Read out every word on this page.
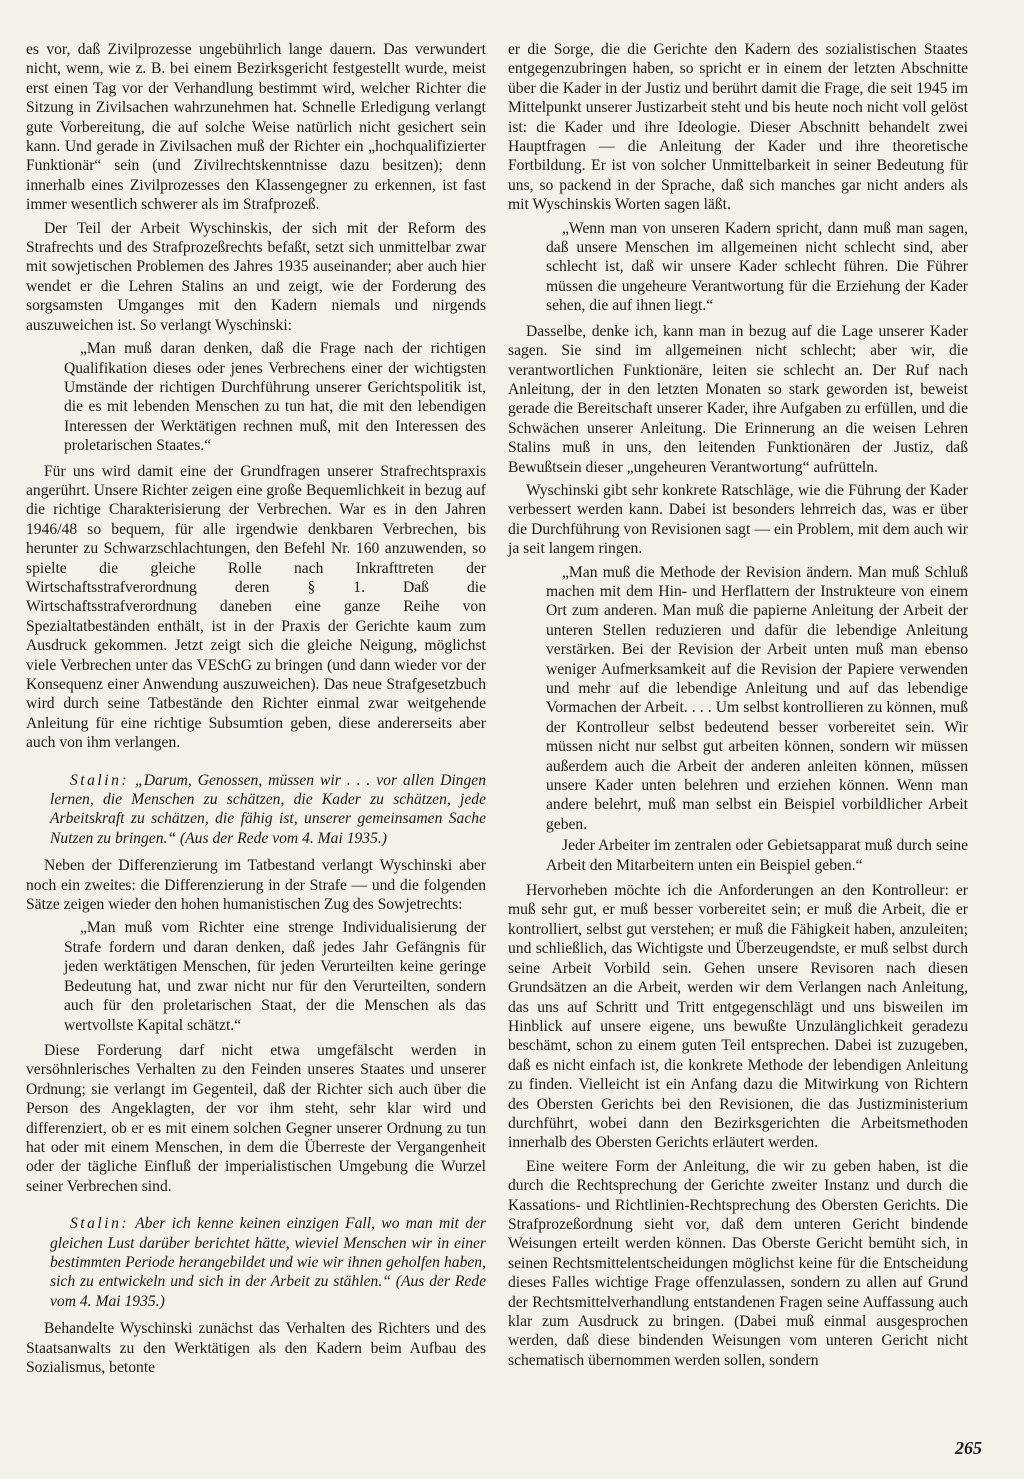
es vor, daß Zivilprozesse ungebührlich lange dauern. Das verwundert nicht, wenn, wie z. B. bei einem Bezirksgericht festgestellt wurde, meist erst einen Tag vor der Verhandlung bestimmt wird, welcher Richter die Sitzung in Zivilsachen wahrzunehmen hat. Schnelle Erledigung verlangt gute Vorbereitung, die auf solche Weise natürlich nicht gesichert sein kann. Und gerade in Zivilsachen muß der Richter ein „hochqualifizierter Funktionär“ sein (und Zivilrechtskenntnisse dazu besitzen); denn innerhalb eines Zivilprozesses den Klassengegner zu erkennen, ist fast immer wesentlich schwerer als im Strafprozeß.

Der Teil der Arbeit Wyschinskis, der sich mit der Reform des Strafrechts und des Strafprozeßrechts befaßt, setzt sich unmittelbar zwar mit sowjetischen Problemen des Jahres 1935 auseinander; aber auch hier wendet er die Lehren Stalins an und zeigt, wie der Forderung des sorgsamsten Umganges mit den Kadern niemals und nirgends auszuweichen ist. So verlangt Wyschinski:

„Man muß daran denken, daß die Frage nach der richtigen Qualifikation dieses oder jenes Verbrechens einer der wichtigsten Umstände der richtigen Durchführung unserer Gerichtspolitik ist, die es mit lebenden Menschen zu tun hat, die mit den lebendigen Interessen der Werktätigen rechnen muß, mit den Interessen des proletarischen Staates.“

Für uns wird damit eine der Grundfragen unserer Strafrechtspraxis angerührt. Unsere Richter zeigen eine große Bequemlichkeit in bezug auf die richtige Charakterisierung der Verbrechen. War es in den Jahren 1946/48 so bequem, für alle irgendwie denkbaren Verbrechen, bis herunter zu Schwarzschlachtungen, den Befehl Nr. 160 anzuwenden, so spielte die gleiche Rolle nach Inkrafttreten der Wirtschaftsstrafverordnung deren § 1. Daß die Wirtschaftsstrafverordnung daneben eine ganze Reihe von Spezialtatbeständen enthält, ist in der Praxis der Gerichte kaum zum Ausdruck gekommen. Jetzt zeigt sich die gleiche Neigung, möglichst viele Verbrechen unter das VESchG zu bringen (und dann wieder vor der Konsequenz einer Anwendung auszuweichen). Das neue Strafgesetzbuch wird durch seine Tatbestände den Richter einmal zwar weitgehende Anleitung für eine richtige Subsumtion geben, diese andererseits aber auch von ihm verlangen.

Stalin: „Darum, Genossen, müssen wir . . . vor allen Dingen lernen, die Menschen zu schätzen, die Kader zu schätzen, jede Arbeitskraft zu schätzen, die fähig ist, unserer gemeinsamen Sache Nutzen zu bringen.“ (Aus der Rede vom 4. Mai 1935.)

Neben der Differenzierung im Tatbestand verlangt Wyschinski aber noch ein zweites: die Differenzierung in der Strafe — und die folgenden Sätze zeigen wieder den hohen humanistischen Zug des Sowjetrechts:

„Man muß vom Richter eine strenge Individualisierung der Strafe fordern und daran denken, daß jedes Jahr Gefängnis für jeden werktätigen Menschen, für jeden Verurteilten keine geringe Bedeutung hat, und zwar nicht nur für den Verurteilten, sondern auch für den proletarischen Staat, der die Menschen als das wertvollste Kapital schätzt.“

Diese Forderung darf nicht etwa umgefälscht werden in versöhnlerisches Verhalten zu den Feinden unseres Staates und unserer Ordnung; sie verlangt im Gegenteil, daß der Richter sich auch über die Person des Angeklagten, der vor ihm steht, sehr klar wird und differenziert, ob er es mit einem solchen Gegner unserer Ordnung zu tun hat oder mit einem Menschen, in dem die Überreste der Vergangenheit oder der tägliche Einfluß der imperialistischen Umgebung die Wurzel seiner Verbrechen sind.

Stalin: Aber ich kenne keinen einzigen Fall, wo man mit der gleichen Lust darüber berichtet hätte, wieviel Menschen wir in einer bestimmten Periode herangebildet und wie wir ihnen geholfen haben, sich zu entwickeln und sich in der Arbeit zu stählen.“ (Aus der Rede vom 4. Mai 1935.)

Behandelte Wyschinski zunächst das Verhalten des Richters und des Staatsanwalts zu den Werktätigen als den Kadern beim Aufbau des Sozialismus, betonte

er die Sorge, die die Gerichte den Kadern des sozialistischen Staates entgegenzubringen haben, so spricht er in einem der letzten Abschnitte über die Kader in der Justiz und berührt damit die Frage, die seit 1945 im Mittelpunkt unserer Justizarbeit steht und bis heute noch nicht voll gelöst ist: die Kader und ihre Ideologie. Dieser Abschnitt behandelt zwei Hauptfragen — die Anleitung der Kader und ihre theoretische Fortbildung. Er ist von solcher Unmittelbarkeit in seiner Bedeutung für uns, so packend in der Sprache, daß sich manches gar nicht anders als mit Wyschinskis Worten sagen läßt.

„Wenn man von unseren Kadern spricht, dann muß man sagen, daß unsere Menschen im allgemeinen nicht schlecht sind, aber schlecht ist, daß wir unsere Kader schlecht führen. Die Führer müssen die ungeheure Verantwortung für die Erziehung der Kader sehen, die auf ihnen liegt.“

Dasselbe, denke ich, kann man in bezug auf die Lage unserer Kader sagen. Sie sind im allgemeinen nicht schlecht; aber wir, die verantwortlichen Funktionäre, leiten sie schlecht an. Der Ruf nach Anleitung, der in den letzten Monaten so stark geworden ist, beweist gerade die Bereitschaft unserer Kader, ihre Aufgaben zu erfüllen, und die Schwächen unserer Anleitung. Die Erinnerung an die weisen Lehren Stalins muß in uns, den leitenden Funktionären der Justiz, daß Bewußtsein dieser „ungeheuren Verantwortung“ aufrütteln.

Wyschinski gibt sehr konkrete Ratschläge, wie die Führung der Kader verbessert werden kann. Dabei ist besonders lehrreich das, was er über die Durchführung von Revisionen sagt — ein Problem, mit dem auch wir ja seit langem ringen.

„Man muß die Methode der Revision ändern. Man muß Schluß machen mit dem Hin- und Herflattern der Instrukteure von einem Ort zum anderen. Man muß die papierne Anleitung der Arbeit der unteren Stellen reduzieren und dafür die lebendige Anleitung verstärken. Bei der Revision der Arbeit unten muß man ebenso weniger Aufmerksamkeit auf die Revision der Papiere verwenden und mehr auf die lebendige Anleitung und auf das lebendige Vormachen der Arbeit. . . . Um selbst kontrollieren zu können, muß der Kontrolleur selbst bedeutend besser vorbereitet sein. Wir müssen nicht nur selbst gut arbeiten können, sondern wir müssen außerdem auch die Arbeit der anderen anleiten können, müssen unsere Kader unten belehren und erziehen können. Wenn man andere belehrt, muß man selbst ein Beispiel vorbildlicher Arbeit geben.

Jeder Arbeiter im zentralen oder Gebietsapparat muß durch seine Arbeit den Mitarbeitern unten ein Beispiel geben.“

Hervorheben möchte ich die Anforderungen an den Kontrolleur: er muß sehr gut, er muß besser vorbereitet sein; er muß die Arbeit, die er kontrolliert, selbst gut verstehen; er muß die Fähigkeit haben, anzuleiten; und schließlich, das Wichtigste und Überzeugendste, er muß selbst durch seine Arbeit Vorbild sein. Gehen unsere Revisoren nach diesen Grundsätzen an die Arbeit, werden wir dem Verlangen nach Anleitung, das uns auf Schritt und Tritt entgegenschlägt und uns bisweilen im Hinblick auf unsere eigene, uns bewußte Unzulänglichkeit geradezu beschämt, schon zu einem guten Teil entsprechen. Dabei ist zuzugeben, daß es nicht einfach ist, die konkrete Methode der lebendigen Anleitung zu finden. Vielleicht ist ein Anfang dazu die Mitwirkung von Richtern des Obersten Gerichts bei den Revisionen, die das Justizministerium durchführt, wobei dann den Bezirksgerichten die Arbeitsmethoden innerhalb des Obersten Gerichts erläutert werden.

Eine weitere Form der Anleitung, die wir zu geben haben, ist die durch die Rechtsprechung der Gerichte zweiter Instanz und durch die Kassations- und Richtlinien-Rechtsprechung des Obersten Gerichts. Die Strafprozeßordnung sieht vor, daß dem unteren Gericht bindende Weisungen erteilt werden können. Das Oberste Gericht bemüht sich, in seinen Rechtsmittelentscheidungen möglichst keine für die Entscheidung dieses Falles wichtige Frage offenzulassen, sondern zu allen auf Grund der Rechtsmittelverhandlung entstandenen Fragen seine Auffassung auch klar zum Ausdruck zu bringen. (Dabei muß einmal ausgesprochen werden, daß diese bindenden Weisungen vom unteren Gericht nicht schematisch übernommen werden sollen, sondern

265
